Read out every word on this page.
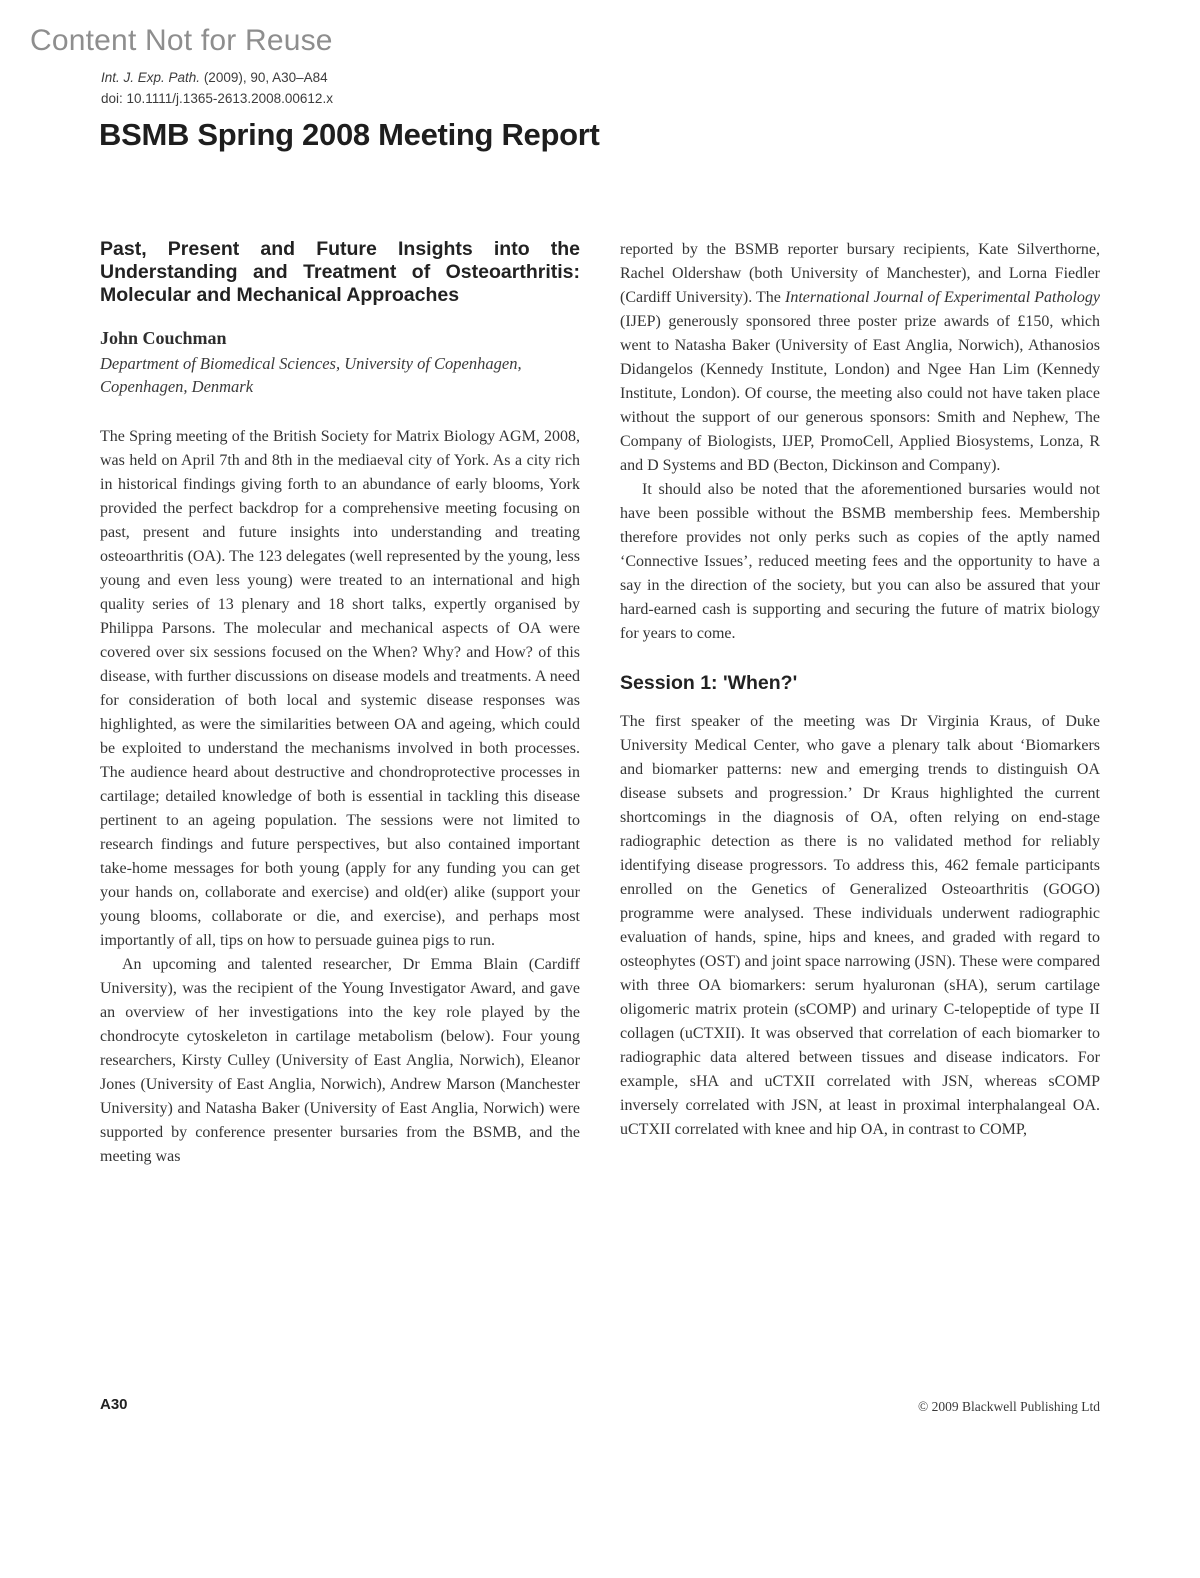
Content Not for Reuse
Int. J. Exp. Path. (2009), 90, A30–A84
doi: 10.1111/j.1365-2613.2008.00612.x
BSMB Spring 2008 Meeting Report
Past, Present and Future Insights into the Understanding and Treatment of Osteoarthritis: Molecular and Mechanical Approaches
John Couchman
Department of Biomedical Sciences, University of Copenhagen, Copenhagen, Denmark

The Spring meeting of the British Society for Matrix Biology AGM, 2008, was held on April 7th and 8th in the mediaeval city of York. As a city rich in historical findings giving forth to an abundance of early blooms, York provided the perfect backdrop for a comprehensive meeting focusing on past, present and future insights into understanding and treating osteoarthritis (OA). The 123 delegates (well represented by the young, less young and even less young) were treated to an international and high quality series of 13 plenary and 18 short talks, expertly organised by Philippa Parsons. The molecular and mechanical aspects of OA were covered over six sessions focused on the When? Why? and How? of this disease, with further discussions on disease models and treatments. A need for consideration of both local and systemic disease responses was highlighted, as were the similarities between OA and ageing, which could be exploited to understand the mechanisms involved in both processes. The audience heard about destructive and chondroprotective processes in cartilage; detailed knowledge of both is essential in tackling this disease pertinent to an ageing population. The sessions were not limited to research findings and future perspectives, but also contained important take-home messages for both young (apply for any funding you can get your hands on, collaborate and exercise) and old(er) alike (support your young blooms, collaborate or die, and exercise), and perhaps most importantly of all, tips on how to persuade guinea pigs to run.

An upcoming and talented researcher, Dr Emma Blain (Cardiff University), was the recipient of the Young Investigator Award, and gave an overview of her investigations into the key role played by the chondrocyte cytoskeleton in cartilage metabolism (below). Four young researchers, Kirsty Culley (University of East Anglia, Norwich), Eleanor Jones (University of East Anglia, Norwich), Andrew Marson (Manchester University) and Natasha Baker (University of East Anglia, Norwich) were supported by conference presenter bursaries from the BSMB, and the meeting was

reported by the BSMB reporter bursary recipients, Kate Silverthorne, Rachel Oldershaw (both University of Manchester), and Lorna Fiedler (Cardiff University). The International Journal of Experimental Pathology (IJEP) generously sponsored three poster prize awards of £150, which went to Natasha Baker (University of East Anglia, Norwich), Athanosios Didangelos (Kennedy Institute, London) and Ngee Han Lim (Kennedy Institute, London). Of course, the meeting also could not have taken place without the support of our generous sponsors: Smith and Nephew, The Company of Biologists, IJEP, PromoCell, Applied Biosystems, Lonza, R and D Systems and BD (Becton, Dickinson and Company).

It should also be noted that the aforementioned bursaries would not have been possible without the BSMB membership fees. Membership therefore provides not only perks such as copies of the aptly named ‘Connective Issues’, reduced meeting fees and the opportunity to have a say in the direction of the society, but you can also be assured that your hard-earned cash is supporting and securing the future of matrix biology for years to come.

Session 1: 'When?'

The first speaker of the meeting was Dr Virginia Kraus, of Duke University Medical Center, who gave a plenary talk about ‘Biomarkers and biomarker patterns: new and emerging trends to distinguish OA disease subsets and progression.’ Dr Kraus highlighted the current shortcomings in the diagnosis of OA, often relying on end-stage radiographic detection as there is no validated method for reliably identifying disease progressors. To address this, 462 female participants enrolled on the Genetics of Generalized Osteoarthritis (GOGO) programme were analysed. These individuals underwent radiographic evaluation of hands, spine, hips and knees, and graded with regard to osteophytes (OST) and joint space narrowing (JSN). These were compared with three OA biomarkers: serum hyaluronan (sHA), serum cartilage oligomeric matrix protein (sCOMP) and urinary C-telopeptide of type II collagen (uCTXII). It was observed that correlation of each biomarker to radiographic data altered between tissues and disease indicators. For example, sHA and uCTXII correlated with JSN, whereas sCOMP inversely correlated with JSN, at least in proximal interphalangeal OA. uCTXII correlated with knee and hip OA, in contrast to COMP,

A30	© 2009 Blackwell Publishing Ltd
